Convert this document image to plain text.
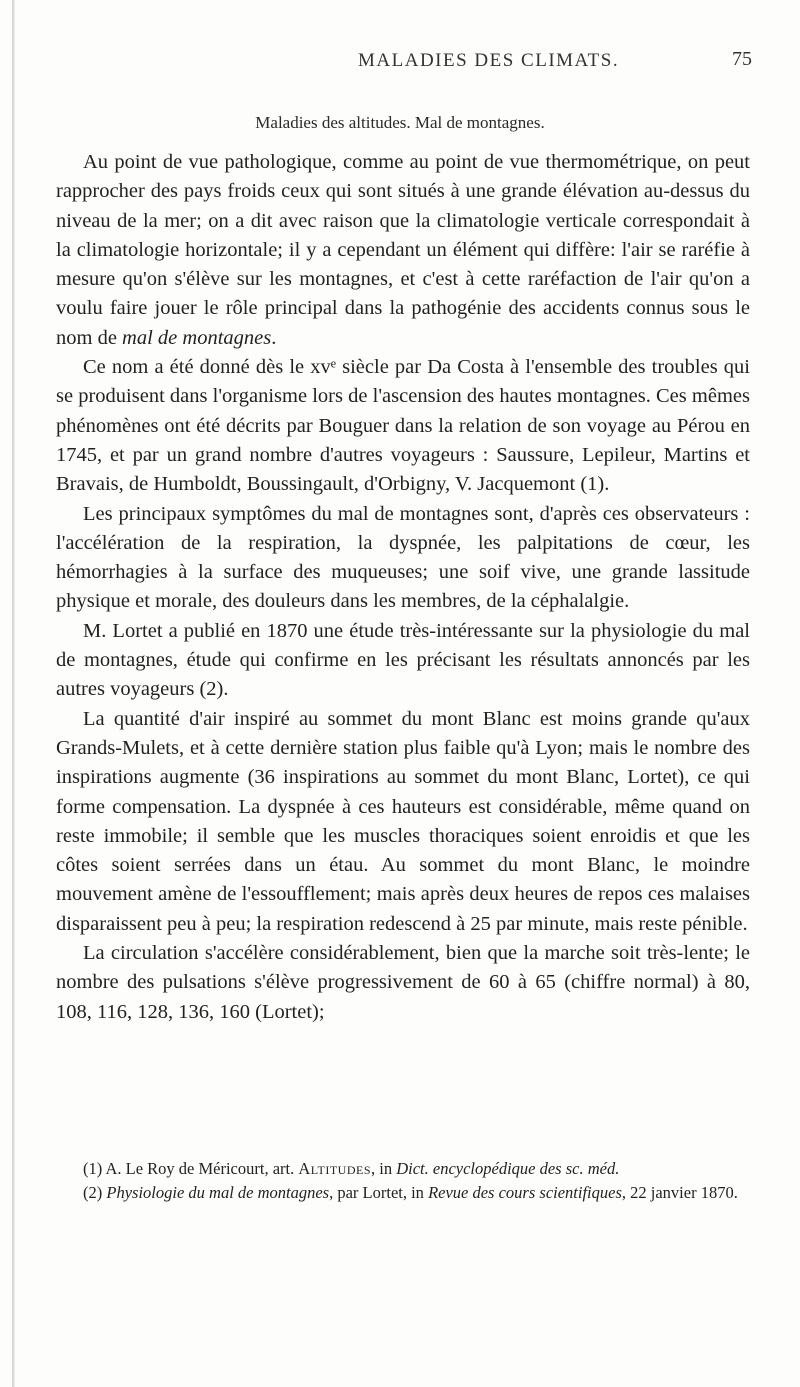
MALADIES DES CLIMATS.	75
Maladies des altitudes. Mal de montagnes.

Au point de vue pathologique, comme au point de vue thermométrique, on peut rapprocher des pays froids ceux qui sont situés à une grande élévation au-dessus du niveau de la mer; on a dit avec raison que la climatologie verticale correspondait à la climatologie horizontale; il y a cependant un élément qui diffère: l'air se raréfie à mesure qu'on s'élève sur les montagnes, et c'est à cette raréfaction de l'air qu'on a voulu faire jouer le rôle principal dans la pathogénie des accidents connus sous le nom de mal de montagnes.

Ce nom a été donné dès le xvᵉ siècle par Da Costa à l'ensemble des troubles qui se produisent dans l'organisme lors de l'ascension des hautes montagnes. Ces mêmes phénomènes ont été décrits par Bouguer dans la relation de son voyage au Pérou en 1745, et par un grand nombre d'autres voyageurs : Saussure, Lepileur, Martins et Bravais, de Humboldt, Boussingault, d'Orbigny, V. Jacquemont (1).

Les principaux symptômes du mal de montagnes sont, d'après ces observateurs : l'accélération de la respiration, la dyspnée, les palpitations de cœur, les hémorrhagies à la surface des muqueuses; une soif vive, une grande lassitude physique et morale, des douleurs dans les membres, de la céphalalgie.

M. Lortet a publié en 1870 une étude très-intéressante sur la physiologie du mal de montagnes, étude qui confirme en les précisant les résultats annoncés par les autres voyageurs (2).

La quantité d'air inspiré au sommet du mont Blanc est moins grande qu'aux Grands-Mulets, et à cette dernière station plus faible qu'à Lyon; mais le nombre des inspirations augmente (36 inspirations au sommet du mont Blanc, Lortet), ce qui forme compensation. La dyspnée à ces hauteurs est considérable, même quand on reste immobile; il semble que les muscles thoraciques soient enroidis et que les côtes soient serrées dans un étau. Au sommet du mont Blanc, le moindre mouvement amène de l'essoufflement; mais après deux heures de repos ces malaises disparaissent peu à peu; la respiration redescend à 25 par minute, mais reste pénible.

La circulation s'accélère considérablement, bien que la marche soit très-lente; le nombre des pulsations s'élève progressivement de 60 à 65 (chiffre normal) à 80, 108, 116, 128, 136, 160 (Lortet);

(1) A. Le Roy de Méricourt, art. Altitudes, in Dict. encyclopédique des sc. méd.

(2) Physiologie du mal de montagnes, par Lortet, in Revue des cours scientifiques, 22 janvier 1870.
